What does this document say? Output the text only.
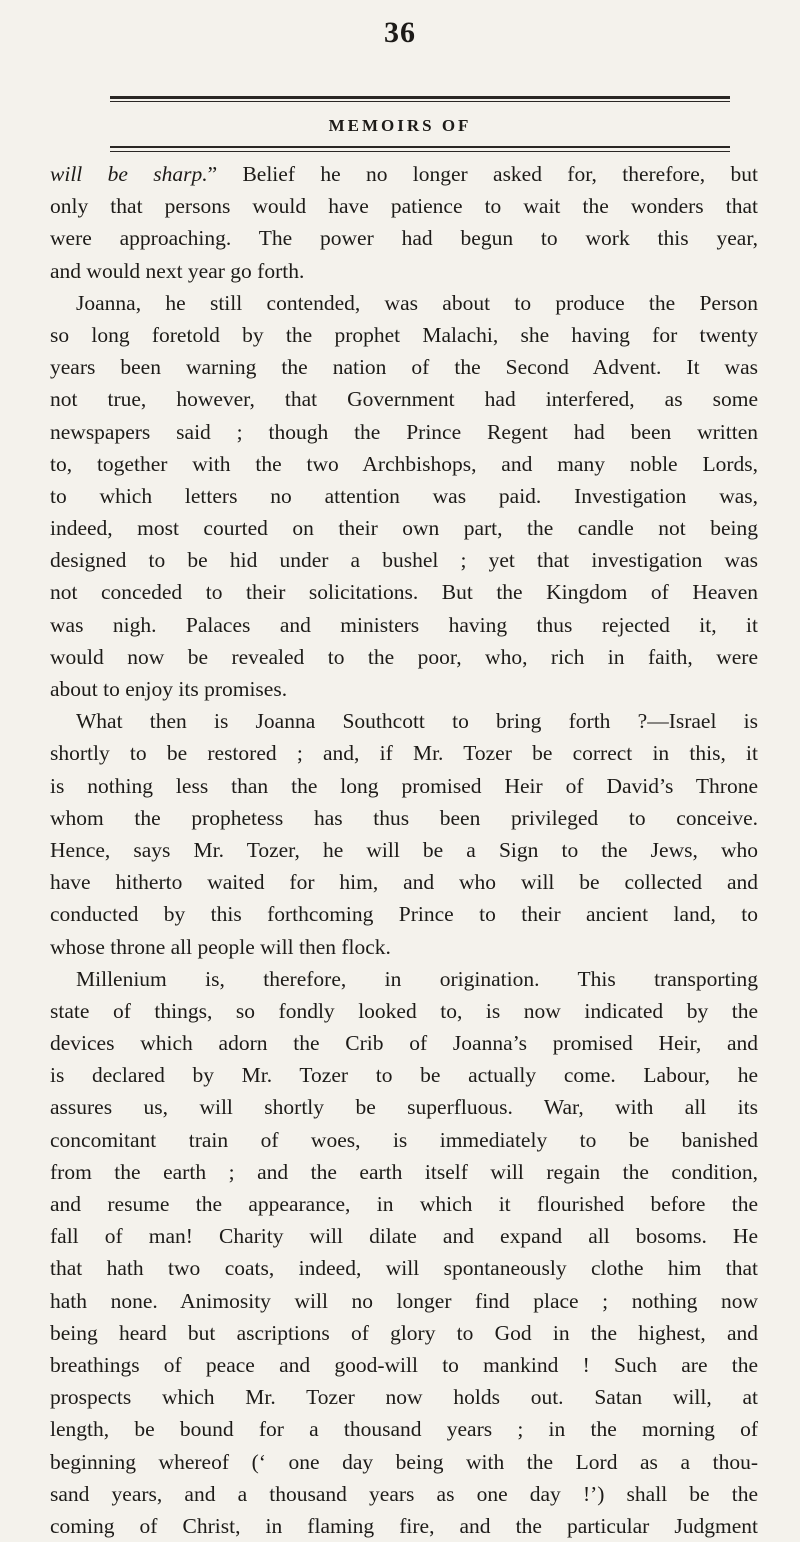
36
MEMOIRS OF
will be sharp.” Belief he no longer asked for, therefore, but
only that persons would have patience to wait the wonders that
were approaching. The power had begun to work this year,
and would next year go forth.
Joanna, he still contended, was about to produce the Person
so long foretold by the prophet Malachi, she having for twenty
years been warning the nation of the Second Advent. It was
not true, however, that Government had interfered, as some
newspapers said ; though the Prince Regent had been written
to, together with the two Archbishops, and many noble Lords,
to which letters no attention was paid. Investigation was,
indeed, most courted on their own part, the candle not being
designed to be hid under a bushel ; yet that investigation was
not conceded to their solicitations. But the Kingdom of Heaven
was nigh. Palaces and ministers having thus rejected it, it
would now be revealed to the poor, who, rich in faith, were
about to enjoy its promises.
What then is Joanna Southcott to bring forth ?—Israel is
shortly to be restored ; and, if Mr. Tozer be correct in this, it
is nothing less than the long promised Heir of David’s Throne
whom the prophetess has thus been privileged to conceive.
Hence, says Mr. Tozer, he will be a Sign to the Jews, who
have hitherto waited for him, and who will be collected and
conducted by this forthcoming Prince to their ancient land, to
whose throne all people will then flock.
Millenium is, therefore, in origination. This transporting
state of things, so fondly looked to, is now indicated by the
devices which adorn the Crib of Joanna’s promised Heir, and
is declared by Mr. Tozer to be actually come. Labour, he
assures us, will shortly be superfluous. War, with all its
concomitant train of woes, is immediately to be banished
from the earth ; and the earth itself will regain the condition,
and resume the appearance, in which it flourished before the
fall of man! Charity will dilate and expand all bosoms. He
that hath two coats, indeed, will spontaneously clothe him that
hath none. Animosity will no longer find place ; nothing now
being heard but ascriptions of glory to God in the highest, and
breathings of peace and good-will to mankind ! Such are the
prospects which Mr. Tozer now holds out. Satan will, at
length, be bound for a thousand years ; in the morning of
beginning whereof (‘ one day being with the Lord as a thou-
sand years, and a thousand years as one day !’) shall be the
coming of Christ, in flaming fire, and the particular Judgment
